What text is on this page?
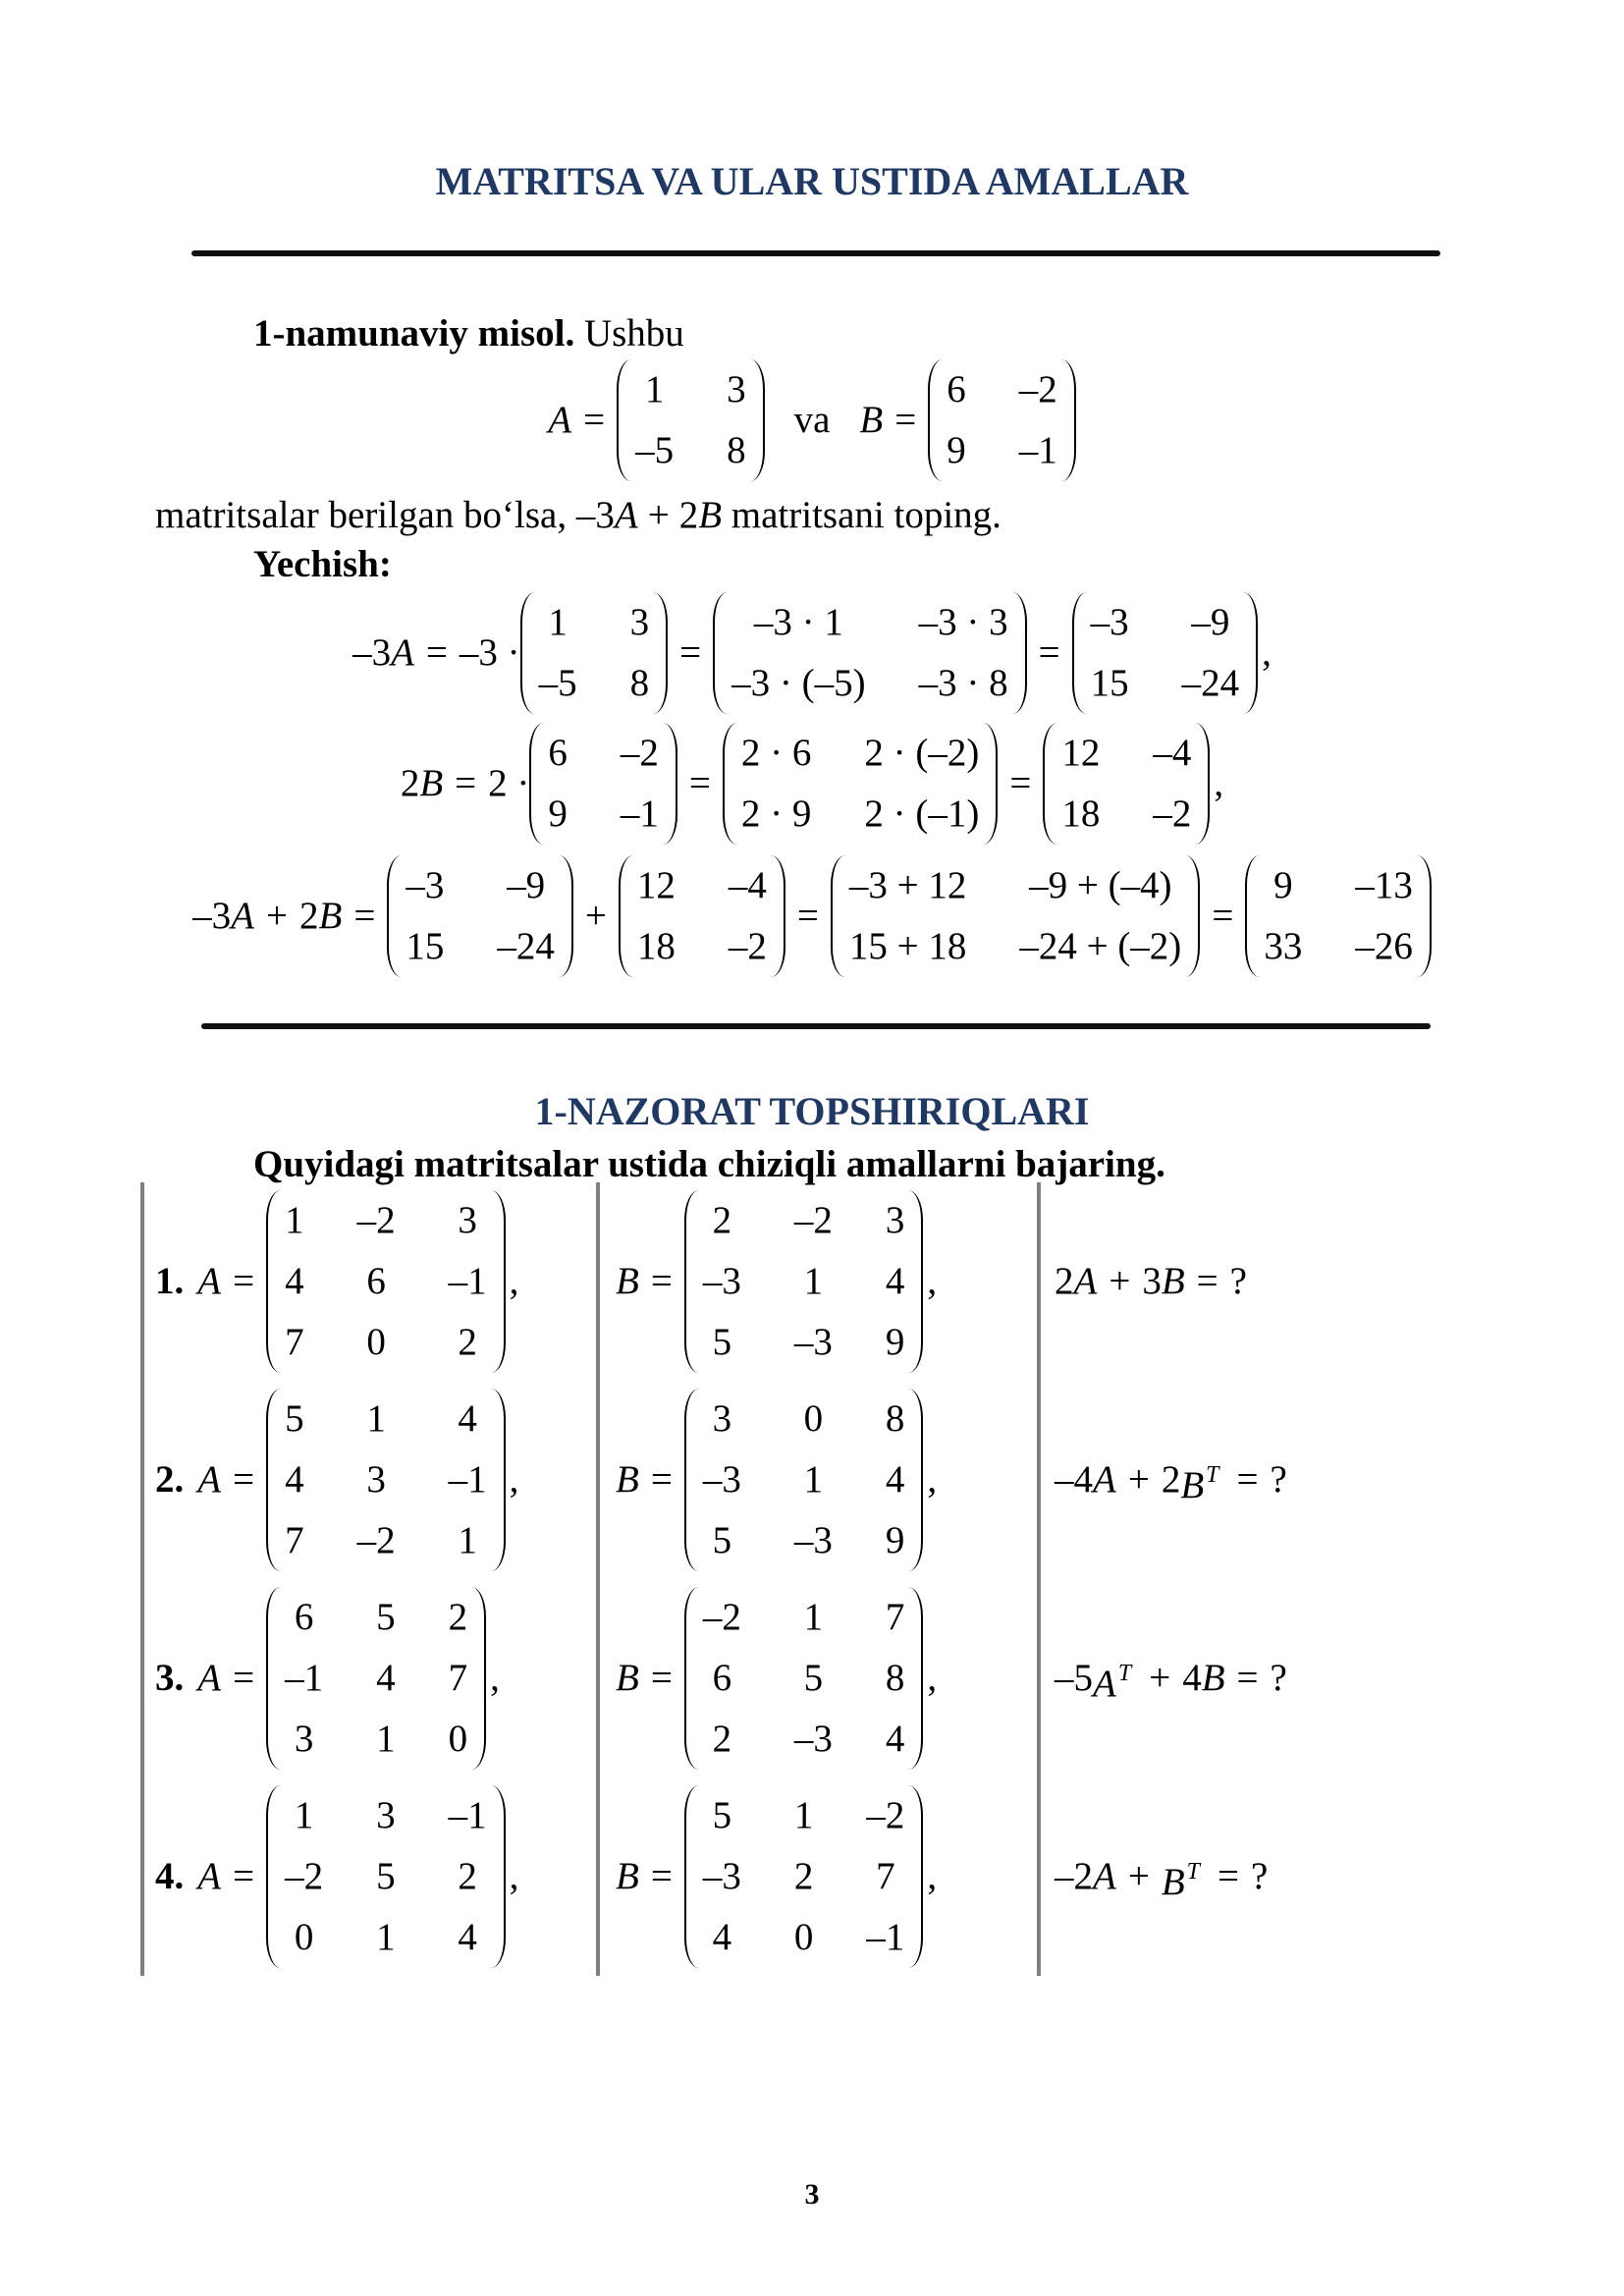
MATRITSA VA ULAR USTIDA AMALLAR
1-namunaviy misol. Ushbu
A =
1 3
–5 8
va B =
6 –2
9 –1
matritsalar berilgan bo‘lsa, –3A + 2B matritsani toping.
Yechish:
–3 A = –3 ·
1 3
–5 8
=
–3 · 1 –3 · 3
–3 · (–5) –3 · 8
=
–3 –9
15 –24
,
2 B = 2 ·
6 –2
9 –1
=
2 · 6 2 · (–2)
2 · 9 2 · (–1)
=
12 –4
18 –2
,
–3 A + 2 B =
–3 –9
15 –24
+
12 –4
18 –2
=
–3 + 12 –9 + (–4)
15 + 18 –24 + (–2)
=
9 –13
33 –26
1-NAZORAT TOPSHIRIQLARI
Quyidagi matritsalar ustida chiziqli amallarni bajaring.
1. A =
1 –2 3
4 6 –1
7 0 2
,	B =
2 –2 3
–3 1 4
5 –3 9
,	2 A + 3 B = ?
2. A =
5 1 4
4 3 –1
7 –2 1
,	B =
3 0 8
–3 1 4
5 –3 9
,	–4 A + 2 $B^T$ = ?
3. A =
6 5 2
–1 4 7
3 1 0
,	B =
–2 1 7
6 5 8
2 –3 4
,	–5 $A^T + 4$ B = ?
4. A =
1 3 –1
–2 5 2
0 1 4
,	B =
5 1 –2
–3 2 7
4 0 –1
,	–2 $A + B^T$ = ?
3
